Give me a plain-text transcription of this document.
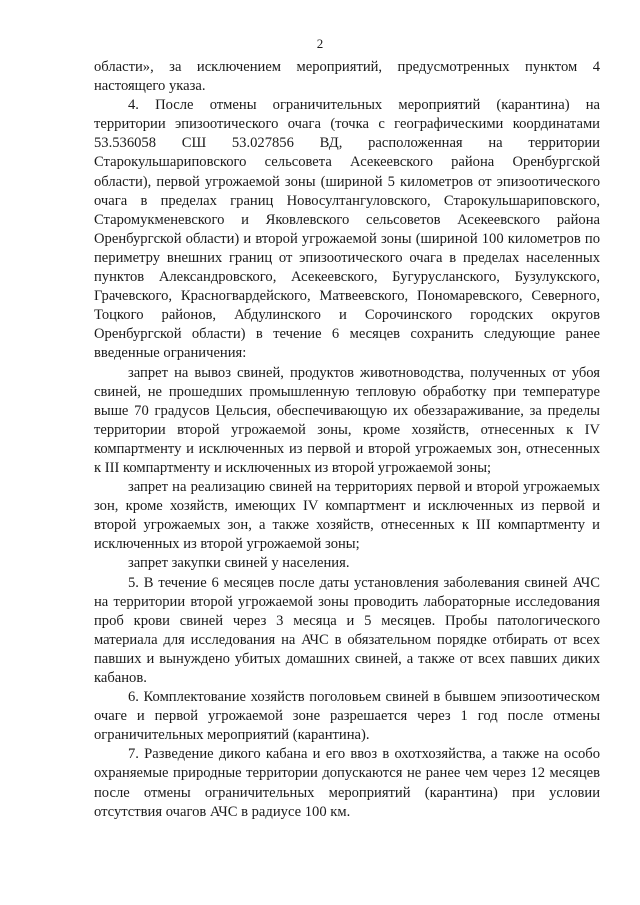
2

области», за исключением мероприятий, предусмотренных пунктом 4 настоящего указа.

4. После отмены ограничительных мероприятий (карантина) на территории эпизоотического очага (точка с географическими координатами 53.536058 СШ 53.027856 ВД, расположенная на территории Старокульшариповского сельсовета Асекеевского района Оренбургской области), первой угрожаемой зоны (шириной 5 километров от эпизоотического очага в пределах границ Новосултангуловского, Старокульшариповского, Старомукменевского и Яковлевского сельсоветов Асекеевского района Оренбургской области) и второй угрожаемой зоны (шириной 100 километров по периметру внешних границ от эпизоотического очага в пределах населенных пунктов Александровского, Асекеевского, Бугурусланского, Бузулукского, Грачевского, Красногвардейского, Матвеевского, Пономаревского, Северного, Тоцкого районов, Абдулинского и Сорочинского городских округов Оренбургской области) в течение 6 месяцев сохранить следующие ранее введенные ограничения:

запрет на вывоз свиней, продуктов животноводства, полученных от убоя свиней, не прошедших промышленную тепловую обработку при температуре выше 70 градусов Цельсия, обеспечивающую их обеззараживание, за пределы территории второй угрожаемой зоны, кроме хозяйств, отнесенных к IV компартменту и исключенных из первой и второй угрожаемых зон, отнесенных к III компартменту и исключенных из второй угрожаемой зоны;

запрет на реализацию свиней на территориях первой и второй угрожаемых зон, кроме хозяйств, имеющих IV компартмент и исключенных из первой и второй угрожаемых зон, а также хозяйств, отнесенных к III компартменту и исключенных из второй угрожаемой зоны;

запрет закупки свиней у населения.

5. В течение 6 месяцев после даты установления заболевания свиней АЧС на территории второй угрожаемой зоны проводить лабораторные исследования проб крови свиней через 3 месяца и 5 месяцев. Пробы патологического материала для исследования на АЧС в обязательном порядке отбирать от всех павших и вынуждено убитых домашних свиней, а также от всех павших диких кабанов.

6. Комплектование хозяйств поголовьем свиней в бывшем эпизоотическом очаге и первой угрожаемой зоне разрешается через 1 год после отмены ограничительных мероприятий (карантина).

7. Разведение дикого кабана и его ввоз в охотхозяйства, а также на особо охраняемые природные территории допускаются не ранее чем через 12 месяцев после отмены ограничительных мероприятий (карантина) при условии отсутствия очагов АЧС в радиусе 100 км.
